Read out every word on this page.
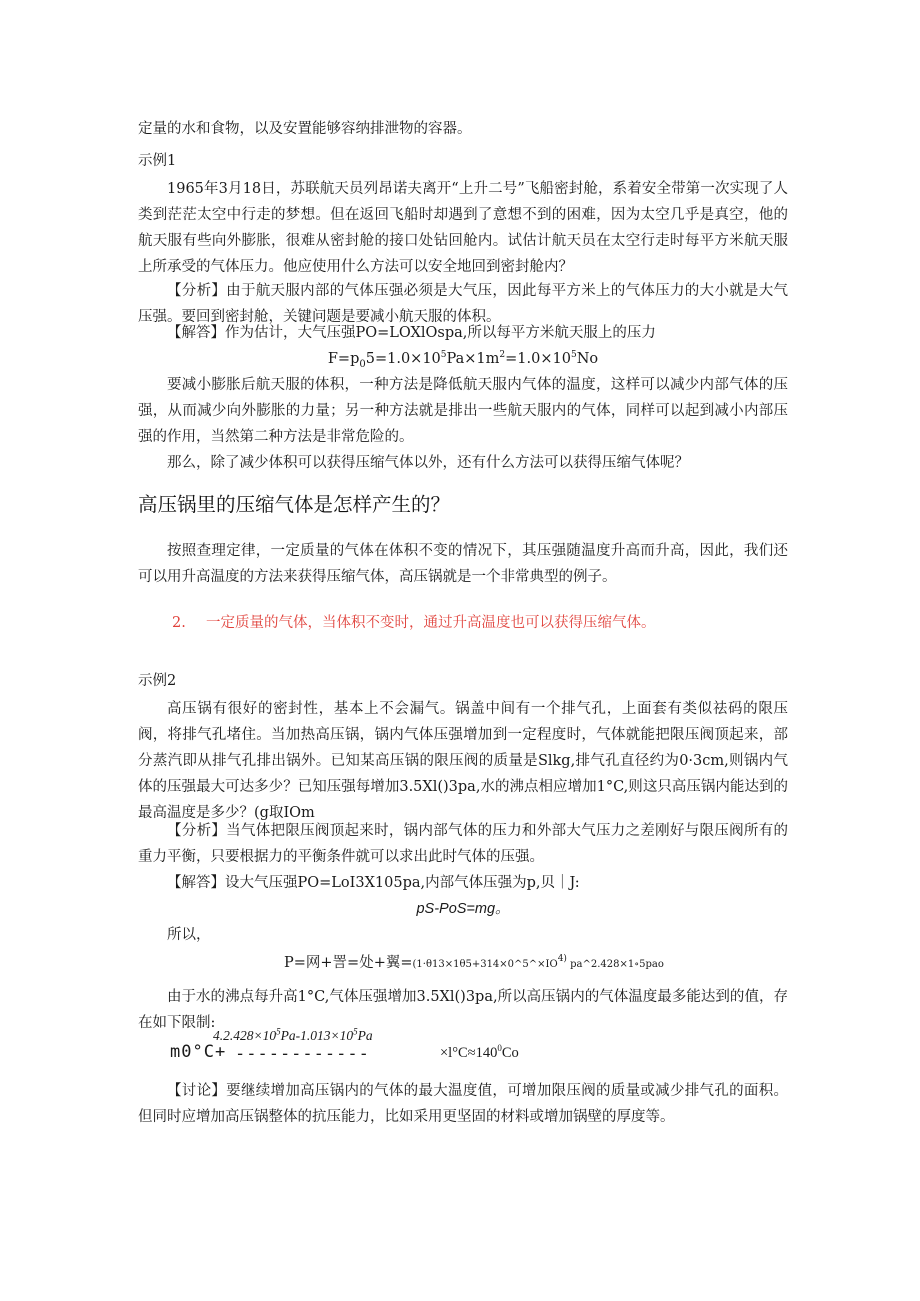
定量的水和食物，以及安置能够容纳排泄物的容器。

示例1

1965年3月18日，苏联航天员列昂诺夫离开“上升二号”飞船密封舱，系着安全带第一次实现了人类到茫茫太空中行走的梦想。但在返回飞船时却遇到了意想不到的困难，因为太空几乎是真空，他的航天服有些向外膨胀，很难从密封舱的接口处钻回舱内。试估计航天员在太空行走时每平方米航天服上所承受的气体压力。他应使用什么方法可以安全地回到密封舱内？

【分析】由于航天服内部的气体压强必须是大气压，因此每平方米上的气体压力的大小就是大气压强。要回到密封舱，关键问题是要减小航天服的体积。

【解答】作为估计，大气压强PO=LOXlOspa,所以每平方米航天服上的压力

$F=p_05=1.0\times 10^5Pa\times 1m^2=1.0\times 10^5No$

要减小膨胀后航天服的体积，一种方法是降低航天服内气体的温度，这样可以减少内部气体的压强，从而减少向外膨胀的力量；另一种方法就是排出一些航天服内的气体，同样可以起到减小内部压强的作用，当然第二种方法是非常危险的。

那么，除了减少体积可以获得压缩气体以外，还有什么方法可以获得压缩气体呢？

高压锅里的压缩气体是怎样产生的？

按照查理定律，一定质量的气体在体积不变的情况下，其压强随温度升高而升高，因此，我们还可以用升高温度的方法来获得压缩气体，高压锅就是一个非常典型的例子。

2. 一定质量的气体，当体积不变时，通过升高温度也可以获得压缩气体。

示例2

高压锅有很好的密封性，基本上不会漏气。锅盖中间有一个排气孔，上面套有类似祛码的限压阀，将排气孔堵住。当加热高压锅，锅内气体压强增加到一定程度时，气体就能把限压阀顶起来，部分蒸汽即从排气孔排出锅外。已知某高压锅的限压阀的质量是Slkg,排气孔直径约为0·3cm,则锅内气体的压强最大可达多少？已知压强每增加3.5Xl()3pa,水的沸点相应增加1°C,则这只高压锅内能达到的最高温度是多少？(g取IOm

【分析】当气体把限压阀顶起来时，锅内部气体的压力和外部大气压力之差刚好与限压阀所有的重力平衡，只要根据力的平衡条件就可以求出此时气体的压强。

【解答】设大气压强PO=LoI3X105pa,内部气体压强为p,贝｜J:

pS-PoS=mg。

所以，

P=网+詈=处+翼$=(1\cdot\theta 13\times 1\theta 5+314\times 0\^{}5\^{}\times IO^{4)}$ pa^2.428×1∘5pao

由于水的沸点每升高1°C,气体压强增加3.5Xl()3pa,所以高压锅内的气体温度最多能达到的值，存在如下限制:

$4.2.428\times 10^5Pa-1.013\times 10^5Pa$
m0°C+ ------------	$\times l^\circ C\approx 140^0Co$

【讨论】要继续增加高压锅内的气体的最大温度值，可增加限压阀的质量或减少排气孔的面积。但同时应增加高压锅整体的抗压能力，比如采用更坚固的材料或增加锅壁的厚度等。
